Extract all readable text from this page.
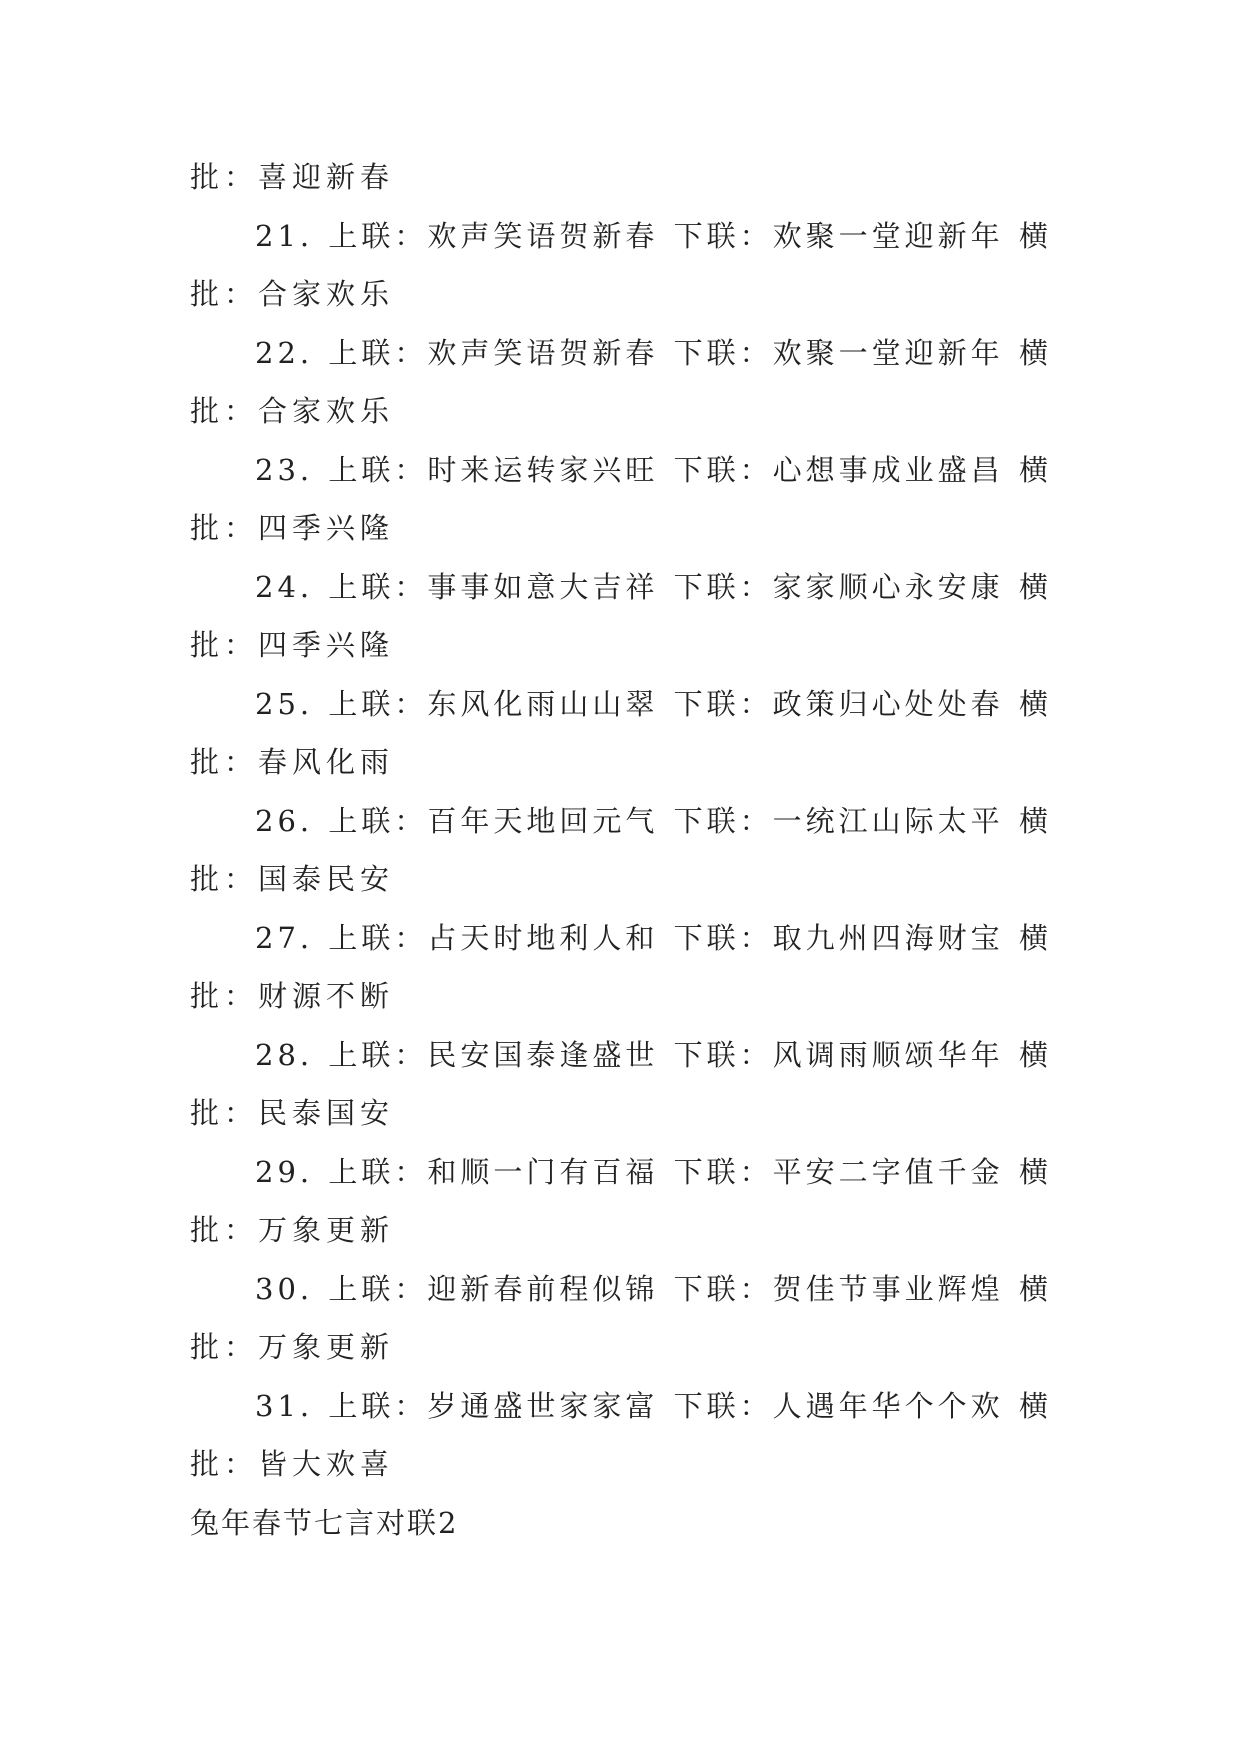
批：喜迎新春
21. 上联：欢声笑语贺新春 下联：欢聚一堂迎新年 横
批：合家欢乐
22. 上联：欢声笑语贺新春 下联：欢聚一堂迎新年 横
批：合家欢乐
23. 上联：时来运转家兴旺 下联：心想事成业盛昌 横
批：四季兴隆
24. 上联：事事如意大吉祥 下联：家家顺心永安康 横
批：四季兴隆
25. 上联：东风化雨山山翠 下联：政策归心处处春 横
批：春风化雨
26. 上联：百年天地回元气 下联：一统江山际太平 横
批：国泰民安
27. 上联：占天时地利人和 下联：取九州四海财宝 横
批：财源不断
28. 上联：民安国泰逢盛世 下联：风调雨顺颂华年 横
批：民泰国安
29. 上联：和顺一门有百福 下联：平安二字值千金 横
批：万象更新
30. 上联：迎新春前程似锦 下联：贺佳节事业辉煌 横
批：万象更新
31. 上联：岁通盛世家家富 下联：人遇年华个个欢 横
批：皆大欢喜
兔年春节七言对联2
